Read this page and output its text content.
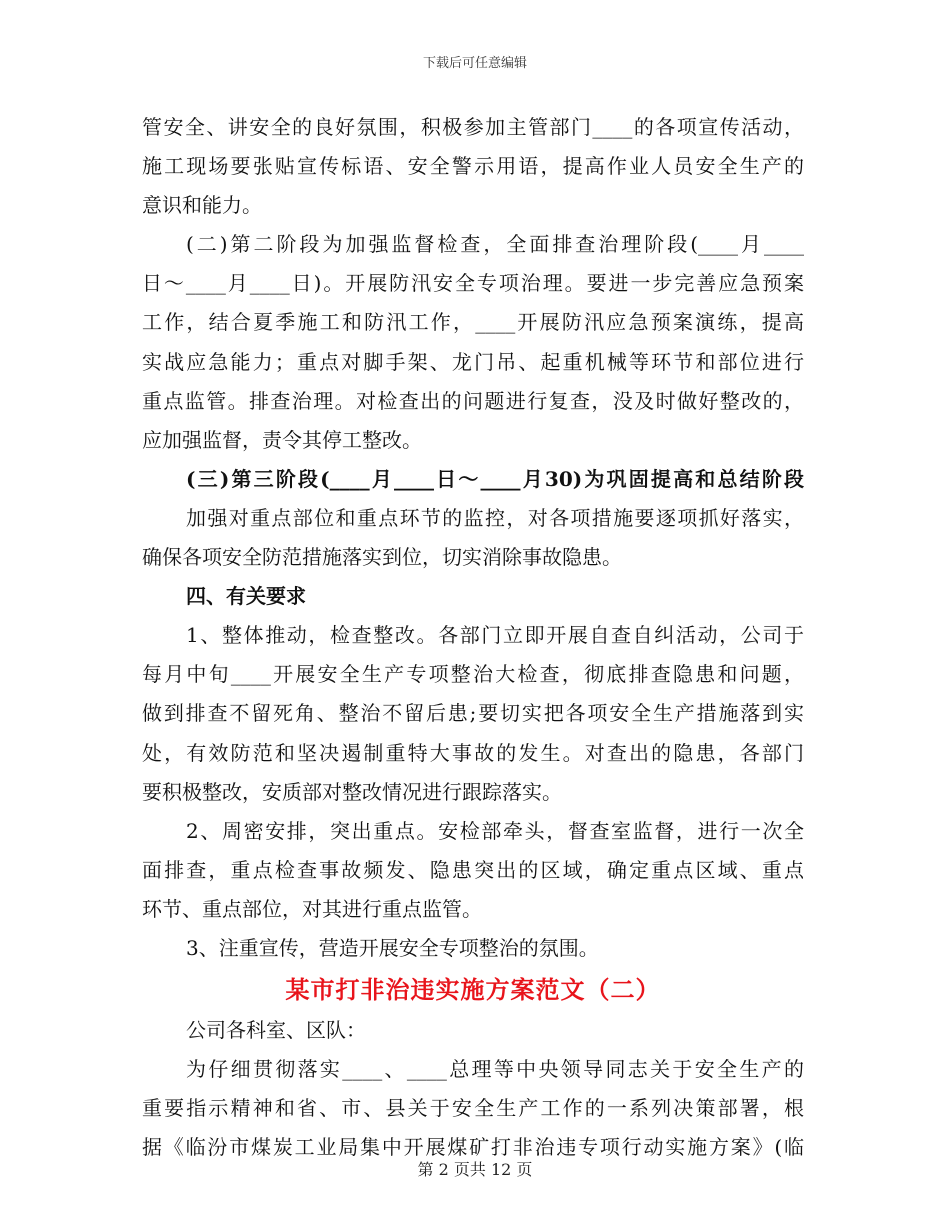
下载后可任意编辑
管安全、讲安全的良好氛围，积极参加主管部门____的各项宣传活动，
施工现场要张贴宣传标语、安全警示用语，提高作业人员安全生产的
意识和能力。
(二)第二阶段为加强监督检查，全面排查治理阶段(____月____
日～____月____日)。开展防汛安全专项治理。要进一步完善应急预案
工作，结合夏季施工和防汛工作，____开展防汛应急预案演练，提高
实战应急能力；重点对脚手架、龙门吊、起重机械等环节和部位进行
重点监管。排查治理。对检查出的问题进行复查，没及时做好整改的，
应加强监督，责令其停工整改。
(三)第三阶段(____月____日～____月30)为巩固提高和总结阶段
加强对重点部位和重点环节的监控，对各项措施要逐项抓好落实，
确保各项安全防范措施落实到位，切实消除事故隐患。
四、有关要求
1、整体推动，检查整改。各部门立即开展自查自纠活动，公司于
每月中旬____开展安全生产专项整治大检查，彻底排查隐患和问题，
做到排查不留死角、整治不留后患;要切实把各项安全生产措施落到实
处，有效防范和坚决遏制重特大事故的发生。对查出的隐患，各部门
要积极整改，安质部对整改情况进行跟踪落实。
2、周密安排，突出重点。安检部牵头，督查室监督，进行一次全
面排查，重点检查事故频发、隐患突出的区域，确定重点区域、重点
环节、重点部位，对其进行重点监管。
3、注重宣传，营造开展安全专项整治的氛围。
某市打非治违实施方案范文（二）
公司各科室、区队：
为仔细贯彻落实____、____总理等中央领导同志关于安全生产的
重要指示精神和省、市、县关于安全生产工作的一系列决策部署，根
据《临汾市煤炭工业局集中开展煤矿打非治违专项行动实施方案》(临
第 2 页共 12 页
